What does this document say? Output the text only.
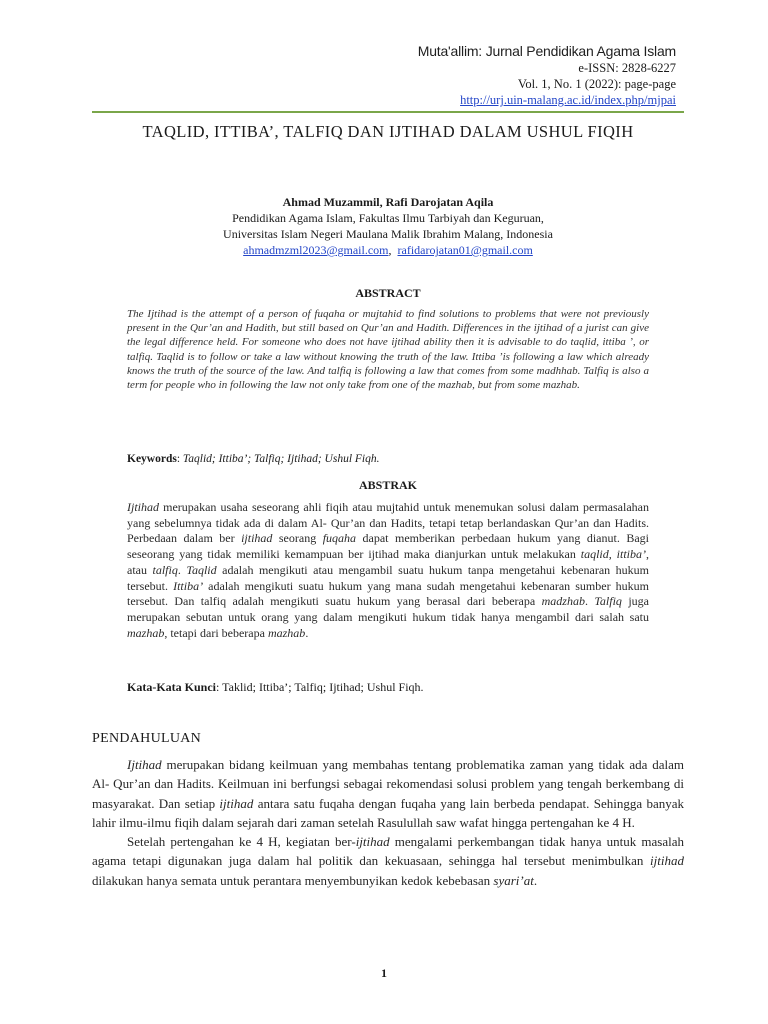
Muta'allim: Jurnal Pendidikan Agama Islam
e-ISSN: 2828-6227
Vol. 1, No. 1 (2022): page-page
http://urj.uin-malang.ac.id/index.php/mjpai
TAQLID, ITTIBA’, TALFIQ DAN IJTIHAD DALAM USHUL FIQIH
Ahmad Muzammil, Rafi Darojatan Aqila
Pendidikan Agama Islam, Fakultas Ilmu Tarbiyah dan Keguruan,
Universitas Islam Negeri Maulana Malik Ibrahim Malang, Indonesia
ahmadmzml2023@gmail.com, rafidarojatan01@gmail.com
ABSTRACT
The Ijtihad is the attempt of a person of fuqaha or mujtahid to find solutions to problems that were not previously present in the Qur’an and Hadith, but still based on Qur’an and Hadith. Differences in the ijtihad of a jurist can give the legal difference held. For someone who does not have ijtihad ability then it is advisable to do taqlid, ittiba ’, or talfiq. Taqlid is to follow or take a law without knowing the truth of the law. Ittiba ’is following a law which already knows the truth of the source of the law. And talfiq is following a law that comes from some madhhab. Talfiq is also a term for people who in following the law not only take from one of the mazhab, but from some mazhab.
Keywords: Taqlid; Ittiba’; Talfiq; Ijtihad; Ushul Fiqh.
ABSTRAK
Ijtihad merupakan usaha seseorang ahli fiqih atau mujtahid untuk menemukan solusi dalam permasalahan yang sebelumnya tidak ada di dalam Al- Qur’an dan Hadits, tetapi tetap berlandaskan Qur’an dan Hadits. Perbedaan dalam ber ijtihad seorang fuqaha dapat memberikan perbedaan hukum yang dianut. Bagi seseorang yang tidak memiliki kemampuan ber ijtihad maka dianjurkan untuk melakukan taqlid, ittiba’, atau talfiq. Taqlid adalah mengikuti atau mengambil suatu hukum tanpa mengetahui kebenaran hukum tersebut. Ittiba’ adalah mengikuti suatu hukum yang mana sudah mengetahui kebenaran sumber hukum tersebut. Dan talfiq adalah mengikuti suatu hukum yang berasal dari beberapa madzhab. Talfiq juga merupakan sebutan untuk orang yang dalam mengikuti hukum tidak hanya mengambil dari salah satu mazhab, tetapi dari beberapa mazhab.
Kata-Kata Kunci: Taklid; Ittiba’; Talfiq; Ijtihad; Ushul Fiqh.
PENDAHULUAN

Ijtihad merupakan bidang keilmuan yang membahas tentang problematika zaman yang tidak ada dalam Al- Qur’an dan Hadits. Keilmuan ini berfungsi sebagai rekomendasi solusi problem yang tengah berkembang di masyarakat. Dan setiap ijtihad antara satu fuqaha dengan fuqaha yang lain berbeda pendapat. Sehingga banyak lahir ilmu-ilmu fiqih dalam sejarah dari zaman setelah Rasulullah saw wafat hingga pertengahan ke 4 H.

Setelah pertengahan ke 4 H, kegiatan ber-ijtihad mengalami perkembangan tidak hanya untuk masalah agama tetapi digunakan juga dalam hal politik dan kekuasaan, sehingga hal tersebut menimbulkan ijtihad dilakukan hanya semata untuk perantara menyembunyikan kedok kebebasan syari’at.

1
